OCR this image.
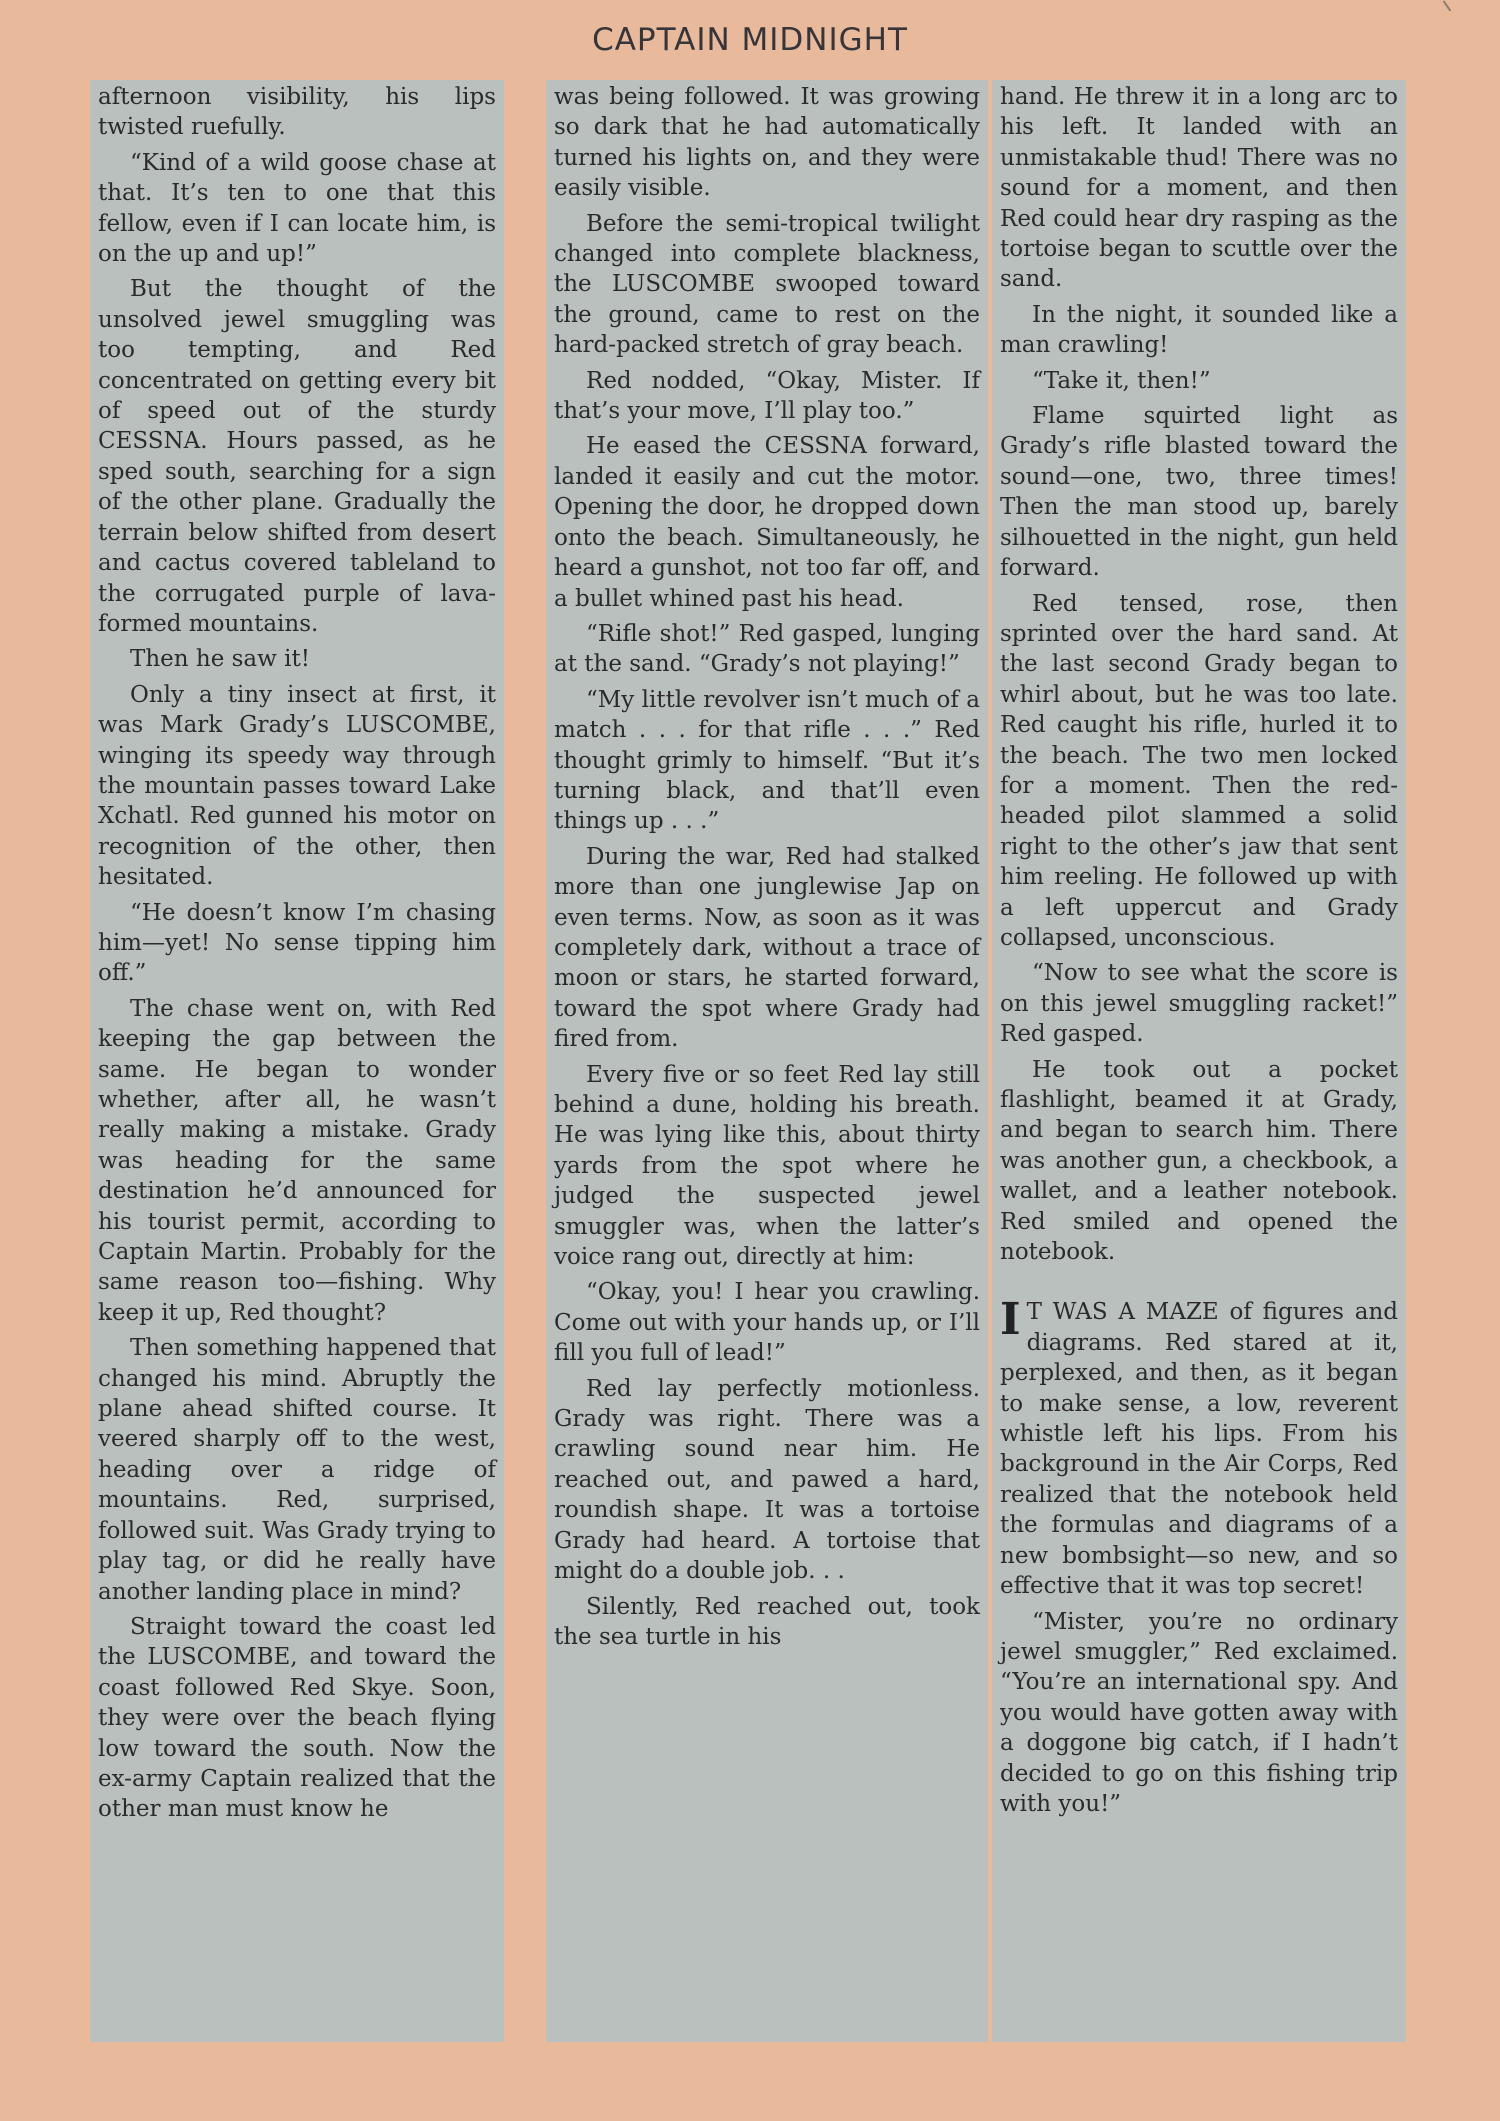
CAPTAIN MIDNIGHT

afternoon visibility, his lips twisted ruefully.

“Kind of a wild goose chase at that. It’s ten to one that this fellow, even if I can locate him, is on the up and up!”

But the thought of the unsolved jewel smuggling was too tempting, and Red concentrated on getting every bit of speed out of the sturdy CESSNA. Hours passed, as he sped south, searching for a sign of the other plane. Gradually the terrain below shifted from desert and cactus covered tableland to the corrugated purple of lava-formed mountains.

Then he saw it!

Only a tiny insect at first, it was Mark Grady’s LUSCOMBE, winging its speedy way through the mountain passes toward Lake Xchatl. Red gunned his motor on recognition of the other, then hesitated.

“He doesn’t know I’m chasing him—yet! No sense tipping him off.”

The chase went on, with Red keeping the gap between the same. He began to wonder whether, after all, he wasn’t really making a mistake. Grady was heading for the same destination he’d announced for his tourist permit, according to Captain Martin. Probably for the same reason too—fishing. Why keep it up, Red thought?

Then something happened that changed his mind. Abruptly the plane ahead shifted course. It veered sharply off to the west, heading over a ridge of mountains. Red, surprised, followed suit. Was Grady trying to play tag, or did he really have another landing place in mind?

Straight toward the coast led the LUSCOMBE, and toward the coast followed Red Skye. Soon, they were over the beach flying low toward the south. Now the ex-army Captain realized that the other man must know he

was being followed. It was growing so dark that he had automatically turned his lights on, and they were easily visible.

Before the semi-tropical twilight changed into complete blackness, the LUSCOMBE swooped toward the ground, came to rest on the hard-packed stretch of gray beach.

Red nodded, “Okay, Mister. If that’s your move, I’ll play too.”

He eased the CESSNA forward, landed it easily and cut the motor. Opening the door, he dropped down onto the beach. Simultaneously, he heard a gunshot, not too far off, and a bullet whined past his head.

“Rifle shot!” Red gasped, lunging at the sand. “Grady’s not playing!”

“My little revolver isn’t much of a match . . . for that rifle . . .” Red thought grimly to himself. “But it’s turning black, and that’ll even things up . . .”

During the war, Red had stalked more than one junglewise Jap on even terms. Now, as soon as it was completely dark, without a trace of moon or stars, he started forward, toward the spot where Grady had fired from.

Every five or so feet Red lay still behind a dune, holding his breath. He was lying like this, about thirty yards from the spot where he judged the suspected jewel smuggler was, when the latter’s voice rang out, directly at him:

“Okay, you! I hear you crawling. Come out with your hands up, or I’ll fill you full of lead!”

Red lay perfectly motionless. Grady was right. There was a crawling sound near him. He reached out, and pawed a hard, roundish shape. It was a tortoise Grady had heard. A tortoise that might do a double job. . .

Silently, Red reached out, took the sea turtle in his

hand. He threw it in a long arc to his left. It landed with an unmistakable thud! There was no sound for a moment, and then Red could hear dry rasping as the tortoise began to scuttle over the sand.

In the night, it sounded like a man crawling!

“Take it, then!”

Flame squirted light as Grady’s rifle blasted toward the sound—one, two, three times! Then the man stood up, barely silhouetted in the night, gun held forward.

Red tensed, rose, then sprinted over the hard sand. At the last second Grady began to whirl about, but he was too late. Red caught his rifle, hurled it to the beach. The two men locked for a moment. Then the red-headed pilot slammed a solid right to the other’s jaw that sent him reeling. He followed up with a left uppercut and Grady collapsed, unconscious.

“Now to see what the score is on this jewel smuggling racket!” Red gasped.

He took out a pocket flashlight, beamed it at Grady, and began to search him. There was another gun, a checkbook, a wallet, and a leather notebook. Red smiled and opened the notebook.

I T WAS A MAZE of figures and diagrams. Red stared at it, perplexed, and then, as it began to make sense, a low, reverent whistle left his lips. From his background in the Air Corps, Red realized that the notebook held the formulas and diagrams of a new bombsight—so new, and so effective that it was top secret!

“Mister, you’re no ordinary jewel smuggler,” Red exclaimed. “You’re an international spy. And you would have gotten away with a doggone big catch, if I hadn’t decided to go on this fishing trip with you!”
